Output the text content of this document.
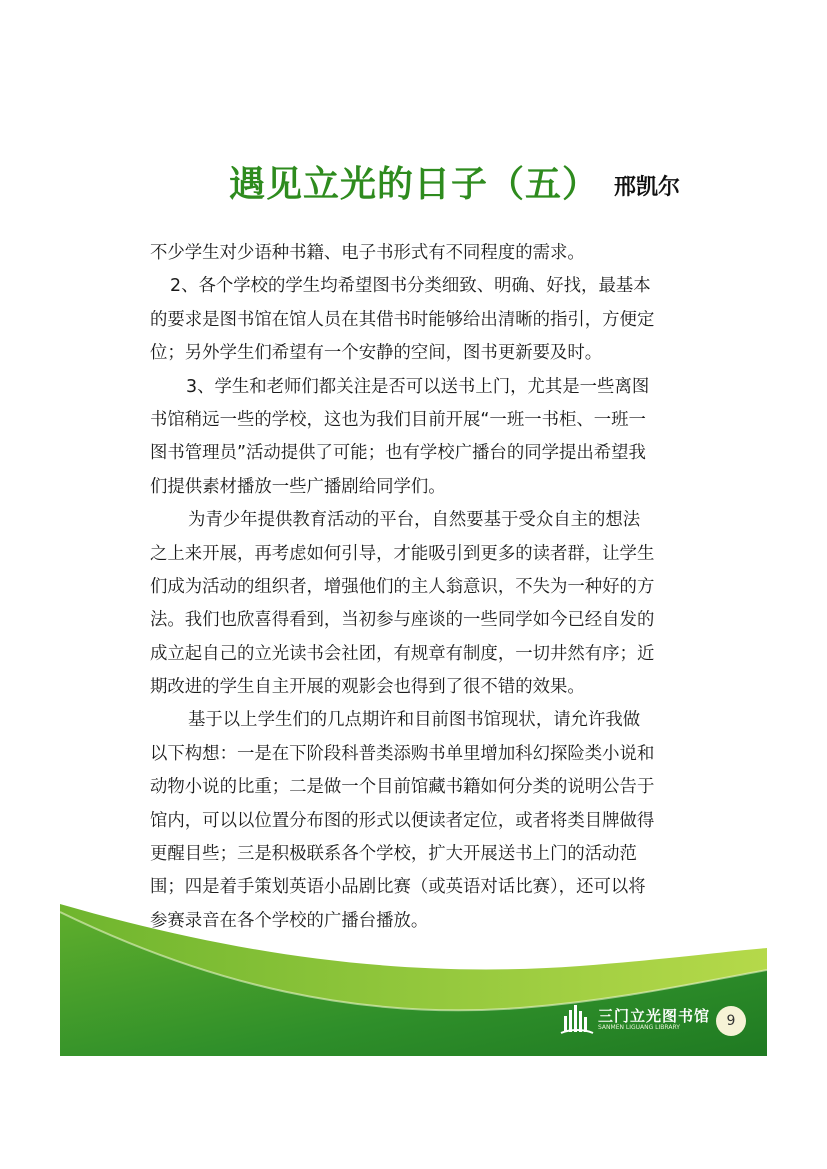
遇见立光的日子（五） 邢凯尔
不少学生对少语种书籍、电子书形式有不同程度的需求。
2、各个学校的学生均希望图书分类细致、明确、好找，最基本
的要求是图书馆在馆人员在其借书时能够给出清晰的指引，方便定
位；另外学生们希望有一个安静的空间，图书更新要及时。
3、学生和老师们都关注是否可以送书上门，尤其是一些离图
书馆稍远一些的学校，这也为我们目前开展“一班一书柜、一班一
图书管理员”活动提供了可能；也有学校广播台的同学提出希望我
们提供素材播放一些广播剧给同学们。
为青少年提供教育活动的平台，自然要基于受众自主的想法
之上来开展，再考虑如何引导，才能吸引到更多的读者群，让学生
们成为活动的组织者，增强他们的主人翁意识，不失为一种好的方
法。我们也欣喜得看到，当初参与座谈的一些同学如今已经自发的
成立起自己的立光读书会社团，有规章有制度，一切井然有序；近
期改进的学生自主开展的观影会也得到了很不错的效果。
基于以上学生们的几点期许和目前图书馆现状，请允许我做
以下构想：一是在下阶段科普类添购书单里增加科幻探险类小说和
动物小说的比重；二是做一个目前馆藏书籍如何分类的说明公告于
馆内，可以以位置分布图的形式以便读者定位，或者将类目牌做得
更醒目些；三是积极联系各个学校，扩大开展送书上门的活动范
围；四是着手策划英语小品剧比赛（或英语对话比赛），还可以将
参赛录音在各个学校的广播台播放。
三门立光图书馆
SANMEN LIGUANG LIBRARY	9
